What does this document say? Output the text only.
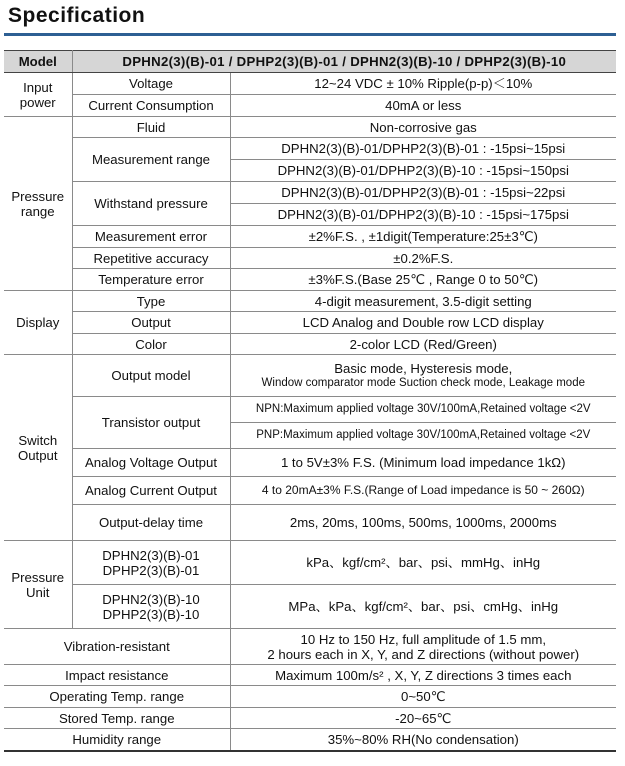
Specification
Model	DPHN2(3)(B)-01 / DPHP2(3)(B)-01 / DPHN2(3)(B)-10 / DPHP2(3)(B)-10	
Input power	Voltage	12~24 VDC ± 10% Ripple(p-p)＜10%
	Current Consumption	40mA or less
Pressure range	Fluid	Non-corrosive gas
	Measurement range	DPHN2(3)(B)-01/DPHP2(3)(B)-01 : -15psi~15psi
		DPHN2(3)(B)-01/DPHP2(3)(B)-10 : -15psi~150psi
	Withstand pressure	DPHN2(3)(B)-01/DPHP2(3)(B)-01 : -15psi~22psi
		DPHN2(3)(B)-01/DPHP2(3)(B)-10 : -15psi~175psi
	Measurement error	±2%F.S. , ±1digit(Temperature:25±3℃)
	Repetitive accuracy	±0.2%F.S.
	Temperature error	±3%F.S.(Base 25℃ , Range 0 to 50℃)
Display	Type	4-digit measurement, 3.5-digit setting
	Output	LCD Analog and Double row LCD display
	Color	2-color LCD (Red/Green)
Switch Output	Output model	Basic mode, Hysteresis mode,
Window comparator mode Suction check mode, Leakage mode

	Transistor output	NPN:Maximum applied voltage 30V/100mA,Retained voltage <2V
		PNP:Maximum applied voltage 30V/100mA,Retained voltage <2V
	Analog Voltage Output	1 to 5V±3% F.S. (Minimum load impedance 1kΩ)
	Analog Current Output	4 to 20mA±3% F.S.(Range of Load impedance is 50 ~ 260Ω)
	Output-delay time	2ms, 20ms, 100ms, 500ms, 1000ms, 2000ms
Pressure Unit	DPHN2(3)(B)-01
DPHP2(3)(B)-01	kPa、kgf/cm²、bar、psi、mmHg、inHg

	DPHN2(3)(B)-10
DPHP2(3)(B)-10	MPa、kPa、kgf/cm²、bar、psi、cmHg、inHg
Vibration-resistant		10 Hz to 150 Hz, full amplitude of 1.5 mm,
2 hours each in X, Y, and Z directions (without power)

Impact resistance		Maximum 100m/s² , X, Y, Z directions 3 times each
Operating Temp. range		0~50℃
Stored Temp. range		-20~65℃
Humidity range		35%~80% RH(No condensation)
